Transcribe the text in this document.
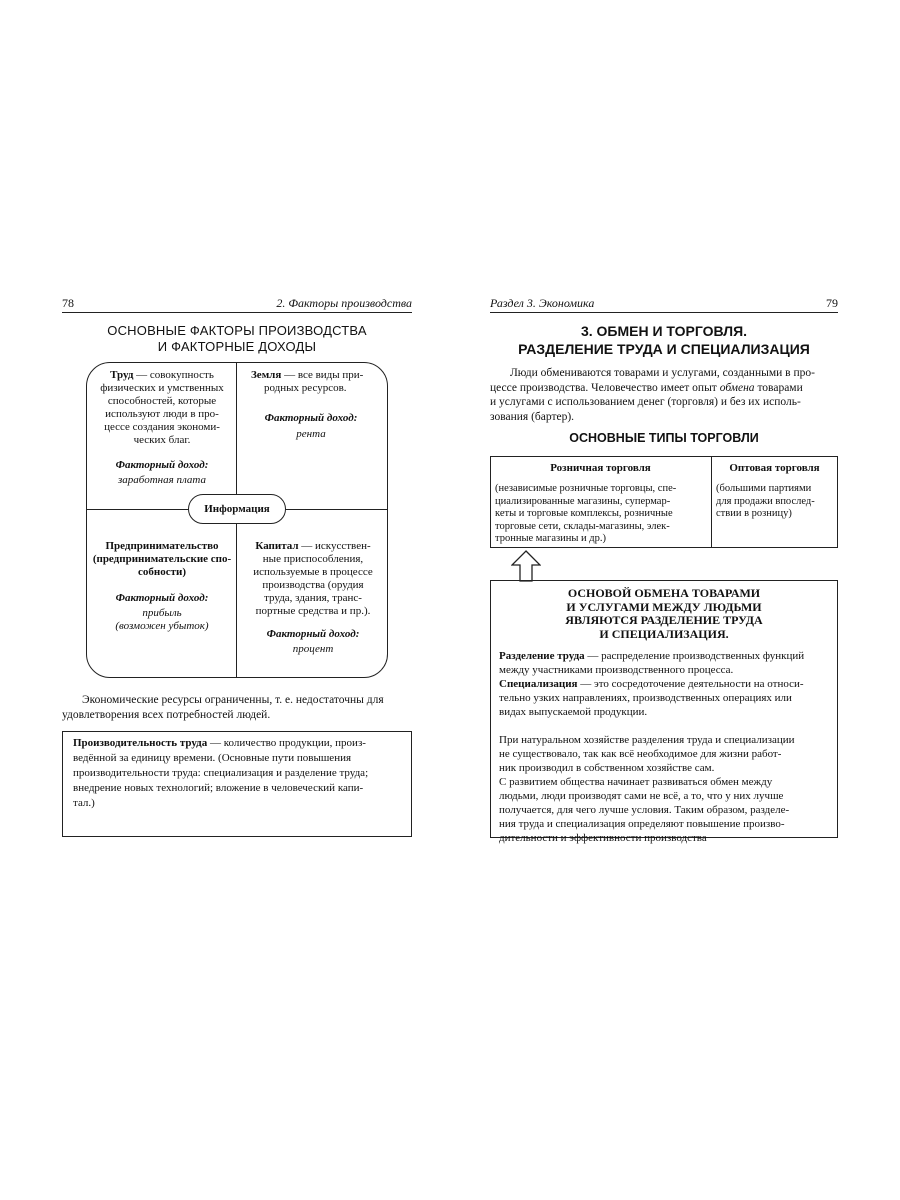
78	2. Факторы производства
ОСНОВНЫЕ ФАКТОРЫ ПРОИЗВОДСТВА
И ФАКТОРНЫЕ ДОХОДЫ
Труд — совокупность
физических и умственных
способностей, которые
используют люди в про-
цессе создания экономи-
ческих благ.
Факторный доход:
заработная плата
Земля — все виды при-
родных ресурсов.
Факторный доход:
рента
Информация
Предпринимательство
(предпринимательские спо-
собности)
Факторный доход:
прибыль
(возможен убыток)
Капитал — искусствен-
ные приспособления,
используемые в процессе
производства (орудия
труда, здания, транс-
портные средства и пр.).
Факторный доход:
процент
Экономические ресурсы ограниченны, т. е. недостаточны для
удовлетворения всех потребностей людей.
Производительность труда — количество продукции, произ-
ведённой за единицу времени. (Основные пути повышения
производительности труда: специализация и разделение труда;
внедрение новых технологий; вложение в человеческий капи-
тал.)
Раздел 3. Экономика	79
3. ОБМЕН И ТОРГОВЛЯ.
РАЗДЕЛЕНИЕ ТРУДА И СПЕЦИАЛИЗАЦИЯ
Люди обмениваются товарами и услугами, созданными в про-
цессе производства. Человечество имеет опыт обмена товарами
и услугами с использованием денег (торговля) и без их исполь-
зования (бартер).
ОСНОВНЫЕ ТИПЫ ТОРГОВЛИ
Розничная торговля	Оптовая торговля
(независимые розничные торговцы, спе-
циализированные магазины, супермар-
кеты и торговые комплексы, розничные
торговые сети, склады-магазины, элек-
тронные магазины и др.)
(большими партиями
для продажи впослед-
ствии в розницу)
ОСНОВОЙ ОБМЕНА ТОВАРАМИ
И УСЛУГАМИ МЕЖДУ ЛЮДЬМИ
ЯВЛЯЮТСЯ РАЗДЕЛЕНИЕ ТРУДА
И СПЕЦИАЛИЗАЦИЯ.
Разделение труда — распределение производственных функций
между участниками производственного процесса.
Специализация — это сосредоточение деятельности на относи-
тельно узких направлениях, производственных операциях или
видах выпускаемой продукции.
При натуральном хозяйстве разделения труда и специализации
не существовало, так как всё необходимое для жизни работ-
ник производил в собственном хозяйстве сам.
С развитием общества начинает развиваться обмен между
людьми, люди производят сами не всё, а то, что у них лучше
получается, для чего лучше условия. Таким образом, разделе-
ния труда и специализация определяют повышение произво-
дительности и эффективности производства
